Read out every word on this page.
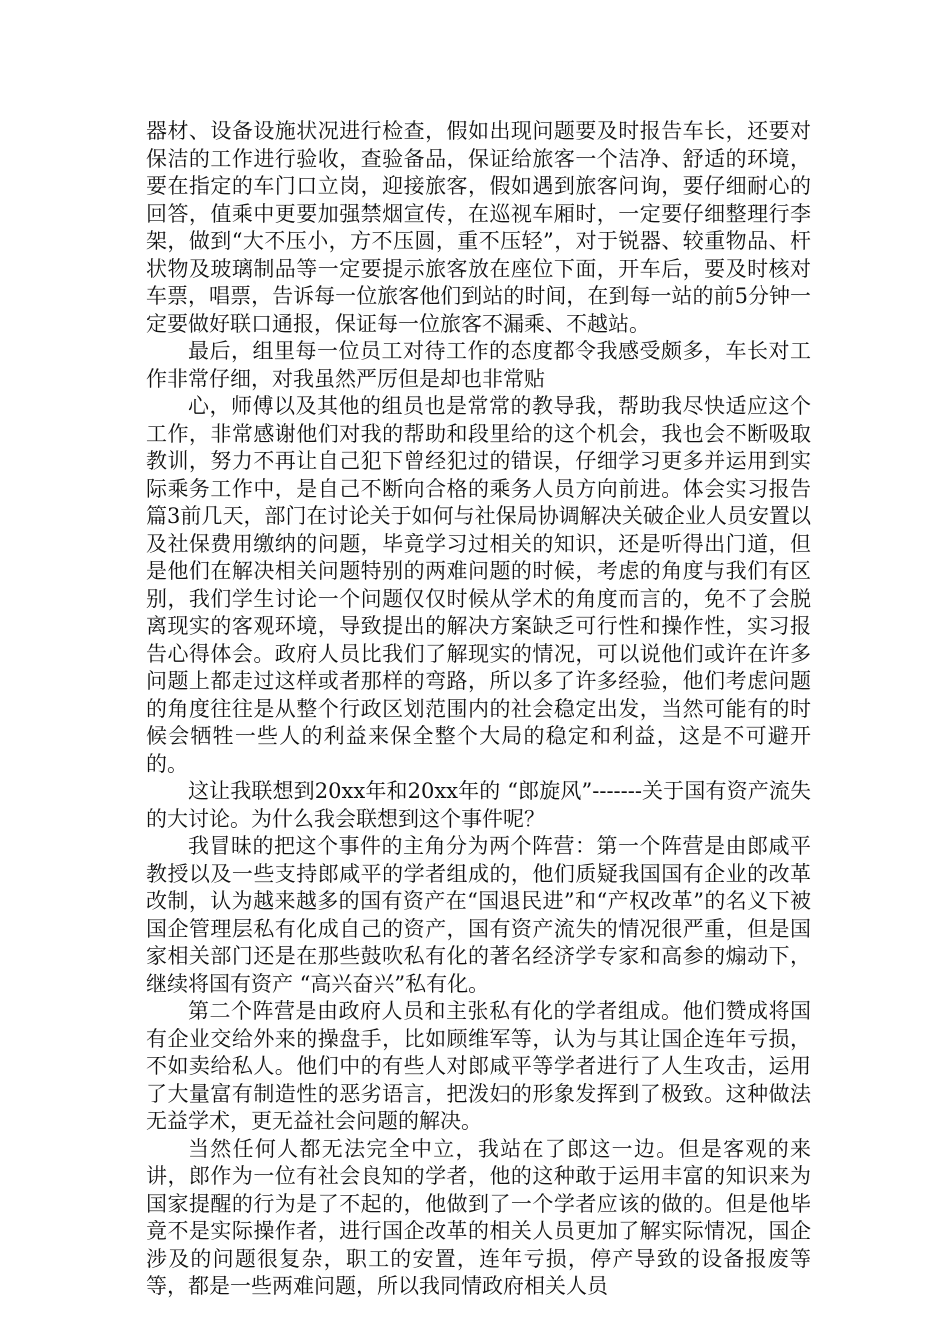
器材、设备设施状况进行检查，假如出现问题要及时报告车长，还要对保洁的工作进行验收，查验备品，保证给旅客一个洁净、舒适的环境，要在指定的车门口立岗，迎接旅客，假如遇到旅客问询，要仔细耐心的回答，值乘中更要加强禁烟宣传，在巡视车厢时，一定要仔细整理行李架，做到“大不压小，方不压圆，重不压轻”，对于锐器、较重物品、杆状物及玻璃制品等一定要提示旅客放在座位下面，开车后，要及时核对车票，唱票，告诉每一位旅客他们到站的时间，在到每一站的前5分钟一定要做好联口通报，保证每一位旅客不漏乘、不越站。

最后，组里每一位员工对待工作的态度都令我感受颇多，车长对工作非常仔细，对我虽然严厉但是却也非常贴

心，师傅以及其他的组员也是常常的教导我，帮助我尽快适应这个工作，非常感谢他们对我的帮助和段里给的这个机会，我也会不断吸取教训，努力不再让自己犯下曾经犯过的错误，仔细学习更多并运用到实际乘务工作中，是自己不断向合格的乘务人员方向前进。体会实习报告 篇3前几天，部门在讨论关于如何与社保局协调解决关破企业人员安置以及社保费用缴纳的问题，毕竟学习过相关的知识，还是听得出门道，但是他们在解决相关问题特别的两难问题的时候，考虑的角度与我们有区别，我们学生讨论一个问题仅仅时候从学术的角度而言的，免不了会脱离现实的客观环境，导致提出的解决方案缺乏可行性和操作性，实习报告心得体会。政府人员比我们了解现实的情况，可以说他们或许在许多问题上都走过这样或者那样的弯路，所以多了许多经验，他们考虑问题的角度往往是从整个行政区划范围内的社会稳定出发，当然可能有的时候会牺牲一些人的利益来保全整个大局的稳定和利益，这是不可避开的。

这让我联想到20xx年和20xx年的 “郎旋风”-------关于国有资产流失的大讨论。为什么我会联想到这个事件呢？

我冒昧的把这个事件的主角分为两个阵营：第一个阵营是由郎咸平教授以及一些支持郎咸平的学者组成的，他们质疑我国国有企业的改革改制，认为越来越多的国有资产在“国退民进”和“产权改革”的名义下被国企管理层私有化成自己的资产，国有资产流失的情况很严重，但是国家相关部门还是在那些鼓吹私有化的著名经济学专家和高参的煽动下，继续将国有资产 “高兴奋兴”私有化。

第二个阵营是由政府人员和主张私有化的学者组成。他们赞成将国有企业交给外来的操盘手，比如顾维军等，认为与其让国企连年亏损，不如卖给私人。他们中的有些人对郎咸平等学者进行了人生攻击，运用了大量富有制造性的恶劣语言，把泼妇的形象发挥到了极致。这种做法无益学术，更无益社会问题的解决。

当然任何人都无法完全中立，我站在了郎这一边。但是客观的来讲，郎作为一位有社会良知的学者，他的这种敢于运用丰富的知识来为国家提醒的行为是了不起的，他做到了一个学者应该的做的。但是他毕竟不是实际操作者，进行国企改革的相关人员更加了解实际情况，国企涉及的问题很复杂，职工的安置，连年亏损，停产导致的设备报废等等，都是一些两难问题，所以我同情政府相关人员
